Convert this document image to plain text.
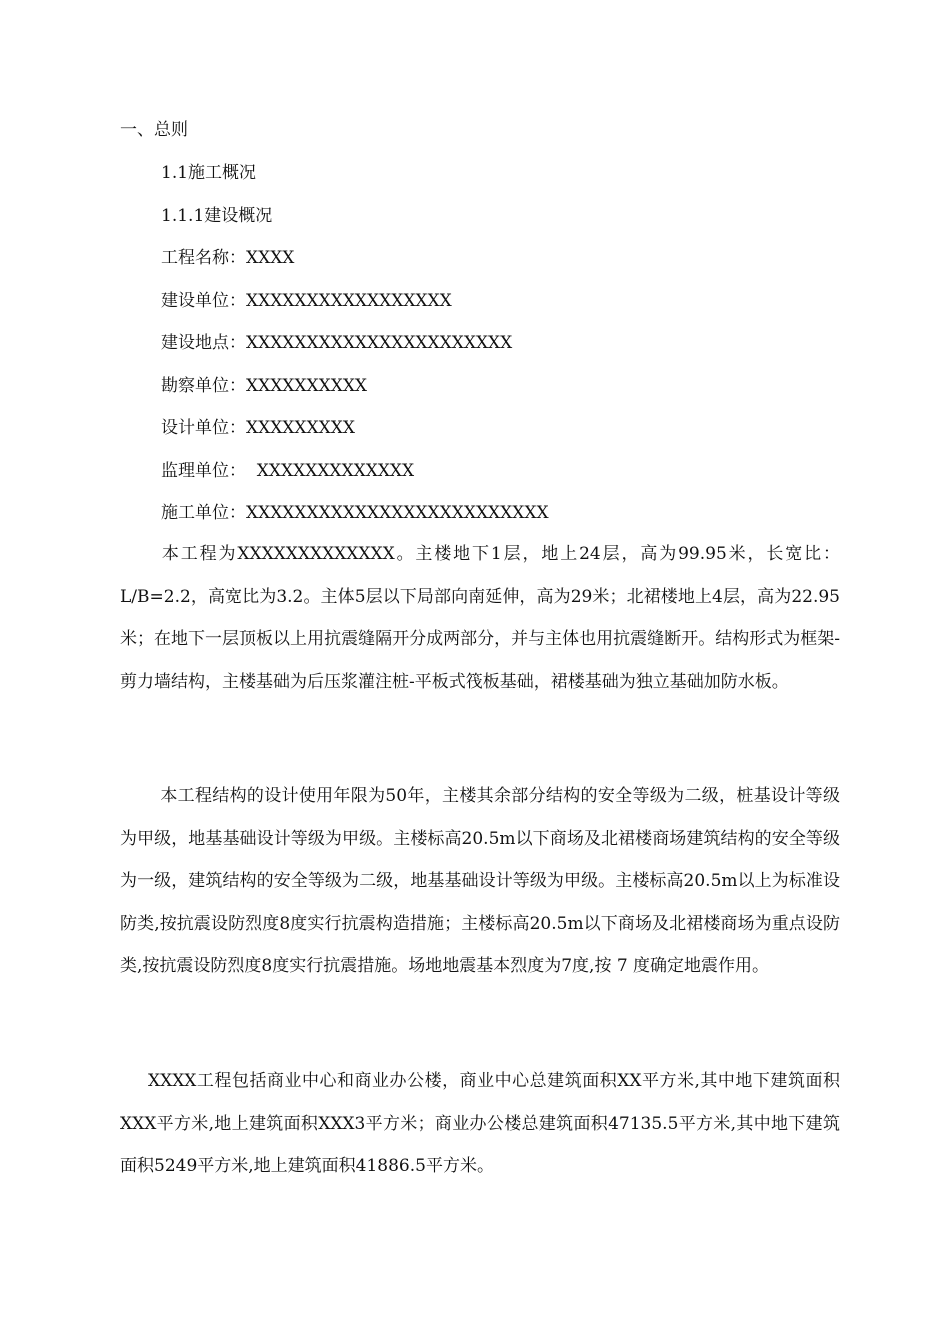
一、总则
1.1施工概况
1.1.1建设概况
工程名称：XXXX
建设单位：XXXXXXXXXXXXXXXXX
建设地点：XXXXXXXXXXXXXXXXXXXXXX
勘察单位：XXXXXXXXXX
设计单位：XXXXXXXXX
监理单位：  XXXXXXXXXXXXX
施工单位：XXXXXXXXXXXXXXXXXXXXXXXXX
本工程为XXXXXXXXXXXXX。主楼地下1层，地上24层，高为99.95米，长宽比：L/B=2.2，高宽比为3.2。主体5层以下局部向南延伸，高为29米；北裙楼地上4层，高为22.95米；在地下一层顶板以上用抗震缝隔开分成两部分，并与主体也用抗震缝断开。结构形式为框架-剪力墙结构，主楼基础为后压浆灌注桩-平板式筏板基础，裙楼基础为独立基础加防水板。
本工程结构的设计使用年限为50年，主楼其余部分结构的安全等级为二级，桩基设计等级为甲级，地基基础设计等级为甲级。主楼标高20.5m以下商场及北裙楼商场建筑结构的安全等级为一级，建筑结构的安全等级为二级，地基基础设计等级为甲级。主楼标高20.5m以上为标准设防类,按抗震设防烈度8度实行抗震构造措施；主楼标高20.5m以下商场及北裙楼商场为重点设防类,按抗震设防烈度8度实行抗震措施。场地地震基本烈度为7度,按 7 度确定地震作用。
XXXX工程包括商业中心和商业办公楼，商业中心总建筑面积XX平方米,其中地下建筑面积XXX平方米,地上建筑面积XXX3平方米；商业办公楼总建筑面积47135.5平方米,其中地下建筑面积5249平方米,地上建筑面积41886.5平方米。
